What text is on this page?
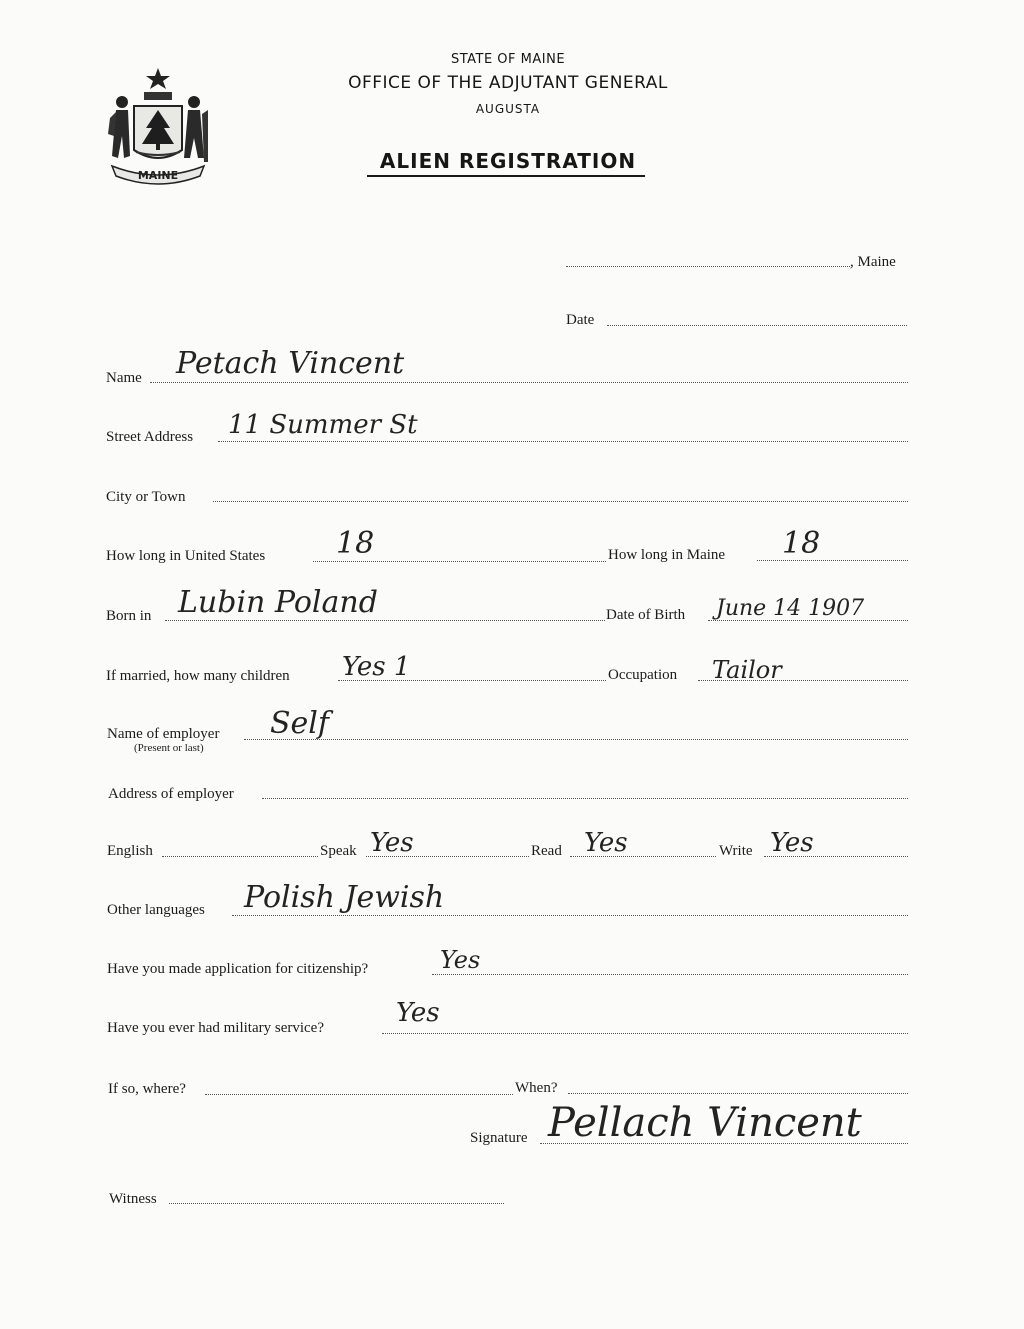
MAINE
STATE OF MAINE
OFFICE OF THE ADJUTANT GENERAL
AUGUSTA
ALIEN REGISTRATION
, Maine
Date
Name Petach Vincent
Street Address 11 Summer St
City or Town
How long in United States 18	How long in Maine 18
Born in Lubin Poland	Date of Birth June 14 1907
If married, how many children Yes 1	Occupation Tailor
Name of employer
(Present or last)
Self
Address of employer
English	Speak Yes	Read Yes	Write Yes
Other languages Polish Jewish
Have you made application for citizenship?	Yes
Have you ever had military service?	Yes
If so, where?	When?
Signature Pellach Vincent
Witness
